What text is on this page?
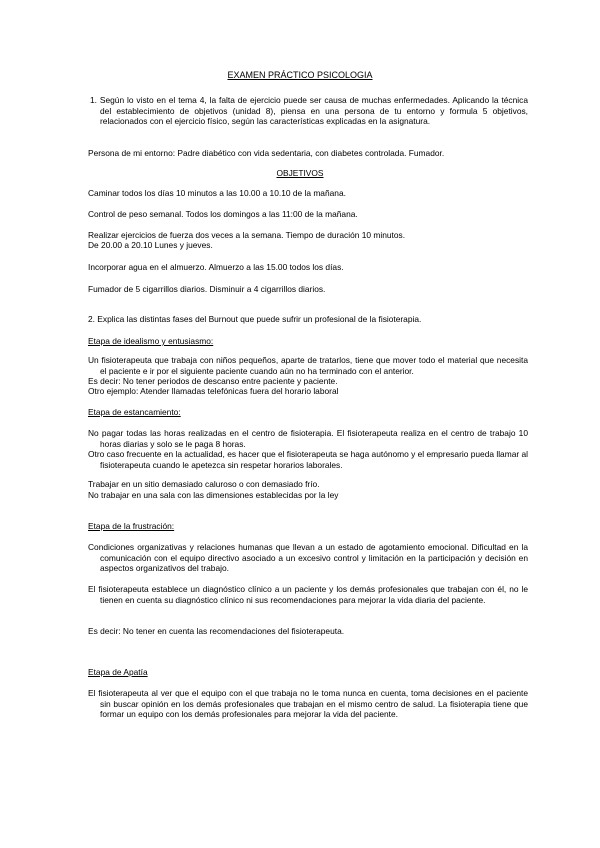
EXAMEN PRÁCTICO PSICOLOGIA

1. Según lo visto en el tema 4, la falta de ejercicio puede ser causa de muchas enfermedades. Aplicando la técnica del establecimiento de objetivos (unidad 8), piensa en una persona de tu entorno y formula 5 objetivos, relacionados con el ejercicio físico, según las características explicadas en la asignatura.

Persona de mi entorno: Padre diabético con vida sedentaria, con diabetes controlada. Fumador.

OBJETIVOS

Caminar todos los días 10 minutos a las 10.00 a 10.10 de la mañana.

Control de peso semanal. Todos los domingos a las 11:00 de la mañana.

Realizar ejercicios de fuerza dos veces a la semana. Tiempo de duración 10 minutos.

De 20.00 a 20.10 Lunes y jueves.

Incorporar agua en el almuerzo. Almuerzo a las 15.00 todos los días.

Fumador de 5 cigarrillos diarios. Disminuir a 4 cigarrillos diarios.

2. Explica las distintas fases del Burnout que puede sufrir un profesional de la fisioterapia.

Etapa de idealismo y entusiasmo:

Un fisioterapeuta que trabaja con niños pequeños, aparte de tratarlos, tiene que mover todo el material que necesita el paciente e ir por el siguiente paciente cuando aún no ha terminado con el anterior.

Es decir: No tener periodos de descanso entre paciente y paciente.

Otro ejemplo: Atender llamadas telefónicas fuera del horario laboral

Etapa de estancamiento:

No pagar todas las horas realizadas en el centro de fisioterapia. El fisioterapeuta realiza en el centro de trabajo 10 horas diarias y solo se le paga 8 horas.

Otro caso frecuente en la actualidad, es hacer que el fisioterapeuta se haga autónomo y el empresario pueda llamar al fisioterapeuta cuando le apetezca sin respetar horarios laborales.

Trabajar en un sitio demasiado caluroso o con demasiado frío.

No trabajar en una sala con las dimensiones establecidas por la ley

Etapa de la frustración:

Condiciones organizativas y relaciones humanas que llevan a un estado de agotamiento emocional. Dificultad en la comunicación con el equipo directivo asociado a un excesivo control y limitación en la participación y decisión en aspectos organizativos del trabajo.

El fisioterapeuta establece un diagnóstico clínico a un paciente y los demás profesionales que trabajan con él, no le tienen en cuenta su diagnóstico clínico ni sus recomendaciones para mejorar la vida diaria del paciente.

Es decir: No tener en cuenta las recomendaciones del fisioterapeuta.

Etapa de Apatía

El fisioterapeuta al ver que el equipo con el que trabaja no le toma nunca en cuenta, toma decisiones en el paciente sin buscar opinión en los demás profesionales que trabajan en el mismo centro de salud. La fisioterapia tiene que formar un equipo con los demás profesionales para mejorar la vida del paciente.
